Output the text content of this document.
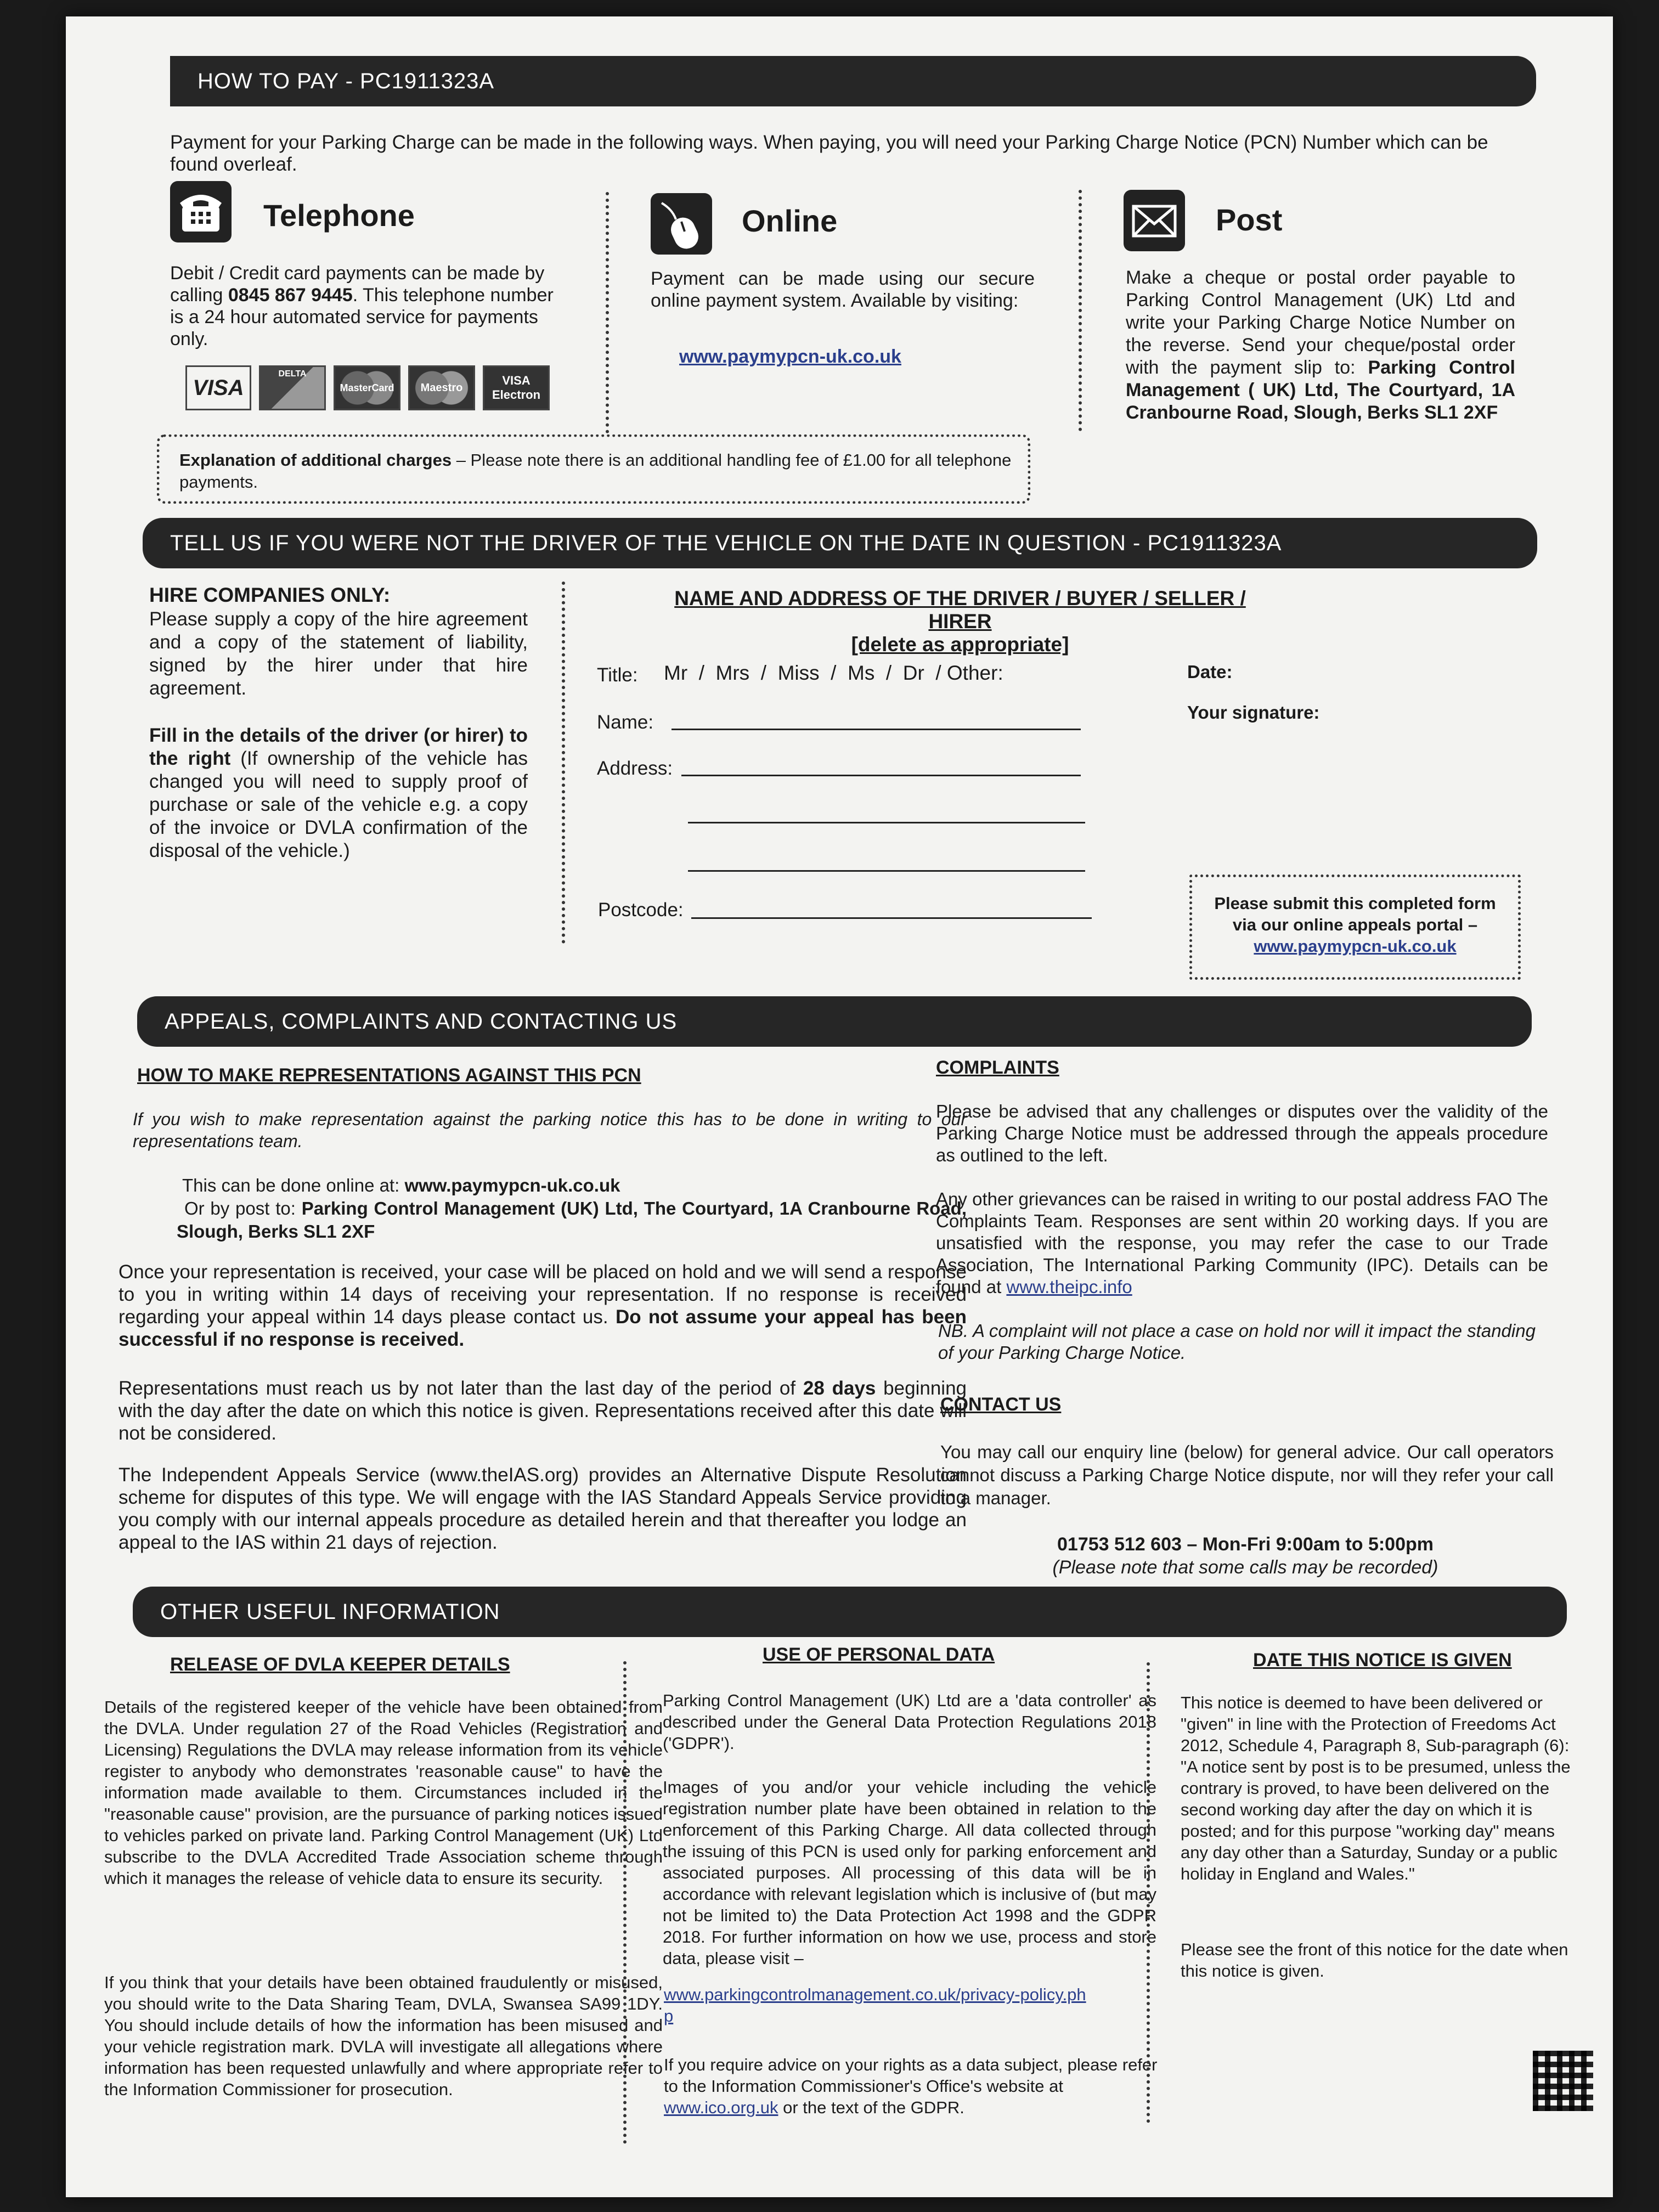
HOW TO PAY - PC1911323A
Payment for your Parking Charge can be made in the following ways. When paying, you will need your Parking Charge Notice (PCN) Number which can be found overleaf.
Telephone
Debit / Credit card payments can be made by calling 0845 867 9445. This telephone number is a 24 hour automated service for payments only.
VISA
DELTA
MasterCard	Maestro
VISA Electron
Online
Payment can be made using our secure online payment system. Available by visiting:
www.paymypcn-uk.co.uk
Post
Make a cheque or postal order payable to Parking Control Management (UK) Ltd and write your Parking Charge Notice Number on the reverse. Send your cheque/postal order with the payment slip to: Parking Control Management ( UK) Ltd, The Courtyard, 1A Cranbourne Road, Slough, Berks SL1 2XF
Explanation of additional charges – Please note there is an additional handling fee of £1.00 for all telephone payments.
TELL US IF YOU WERE NOT THE DRIVER OF THE VEHICLE ON THE DATE IN QUESTION - PC1911323A
HIRE COMPANIES ONLY:
Please supply a copy of the hire agreement and a copy of the statement of liability, signed by the hirer under that hire agreement.
Fill in the details of the driver (or hirer) to the right (If ownership of the vehicle has changed you will need to supply proof of purchase or sale of the vehicle e.g. a copy of the invoice or DVLA confirmation of the disposal of the vehicle.)
NAME AND ADDRESS OF THE DRIVER / BUYER / SELLER / HIRER
[delete as appropriate]
Title: Mr  /  Mrs  /  Miss  /  Ms  /  Dr  / Other:	Date:
Your signature:
Name:
Address:
Postcode:	Please submit this completed form via our online appeals portal –
www.paymypcn-uk.co.uk
APPEALS, COMPLAINTS AND CONTACTING US
HOW TO MAKE REPRESENTATIONS AGAINST THIS PCN
If you wish to make representation against the parking notice this has to be done in writing to our representations team.
This can be done online at: www.paymypcn-uk.co.uk
Or by post to: Parking Control Management (UK) Ltd, The Courtyard, 1A Cranbourne Road, Slough, Berks SL1 2XF
Once your representation is received, your case will be placed on hold and we will send a response to you in writing within 14 days of receiving your representation. If no response is received regarding your appeal within 14 days please contact us. Do not assume your appeal has been successful if no response is received.
Representations must reach us by not later than the last day of the period of 28 days beginning with the day after the date on which this notice is given. Representations received after this date will not be considered.
The Independent Appeals Service (www.theIAS.org) provides an Alternative Dispute Resolution scheme for disputes of this type. We will engage with the IAS Standard Appeals Service providing you comply with our internal appeals procedure as detailed herein and that thereafter you lodge an appeal to the IAS within 21 days of rejection.
COMPLAINTS
Please be advised that any challenges or disputes over the validity of the Parking Charge Notice must be addressed through the appeals procedure as outlined to the left.
Any other grievances can be raised in writing to our postal address FAO The Complaints Team. Responses are sent within 20 working days. If you are unsatisfied with the response, you may refer the case to our Trade Association, The International Parking Community (IPC). Details can be found at www.theipc.info
NB. A complaint will not place a case on hold nor will it impact the standing of your Parking Charge Notice.
CONTACT US
You may call our enquiry line (below) for general advice. Our call operators cannot discuss a Parking Charge Notice dispute, nor will they refer your call to a manager.
01753 512 603 – Mon-Fri 9:00am to 5:00pm
(Please note that some calls may be recorded)
OTHER USEFUL INFORMATION
RELEASE OF DVLA KEEPER DETAILS
Details of the registered keeper of the vehicle have been obtained from the DVLA. Under regulation 27 of the Road Vehicles (Registration and Licensing) Regulations the DVLA may release information from its vehicle register to anybody who demonstrates 'reasonable cause" to have the information made available to them. Circumstances included in the "reasonable cause" provision, are the pursuance of parking notices issued to vehicles parked on private land. Parking Control Management (UK) Ltd subscribe to the DVLA Accredited Trade Association scheme through which it manages the release of vehicle data to ensure its security.
If you think that your details have been obtained fraudulently or misused, you should write to the Data Sharing Team, DVLA, Swansea SA99 1DY. You should include details of how the information has been misused and your vehicle registration mark. DVLA will investigate all allegations where information has been requested unlawfully and where appropriate refer to the Information Commissioner for prosecution.
USE OF PERSONAL DATA
Parking Control Management (UK) Ltd are a 'data controller' as described under the General Data Protection Regulations 2018 ('GDPR').
Images of you and/or your vehicle including the vehicle registration number plate have been obtained in relation to the enforcement of this Parking Charge. All data collected through the issuing of this PCN is used only for parking enforcement and associated purposes. All processing of this data will be in accordance with relevant legislation which is inclusive of (but may not be limited to) the Data Protection Act 1998 and the GDPR 2018. For further information on how we use, process and store data, please visit –
www.parkingcontrolmanagement.co.uk/privacy-policy.php
If you require advice on your rights as a data subject, please refer to the Information Commissioner's Office's website at www.ico.org.uk or the text of the GDPR.
DATE THIS NOTICE IS GIVEN
This notice is deemed to have been delivered or "given" in line with the Protection of Freedoms Act 2012, Schedule 4, Paragraph 8, Sub-paragraph (6): "A notice sent by post is to be presumed, unless the contrary is proved, to have been delivered on the second working day after the day on which it is posted; and for this purpose "working day" means any day other than a Saturday, Sunday or a public holiday in England and Wales."
Please see the front of this notice for the date when this notice is given.
